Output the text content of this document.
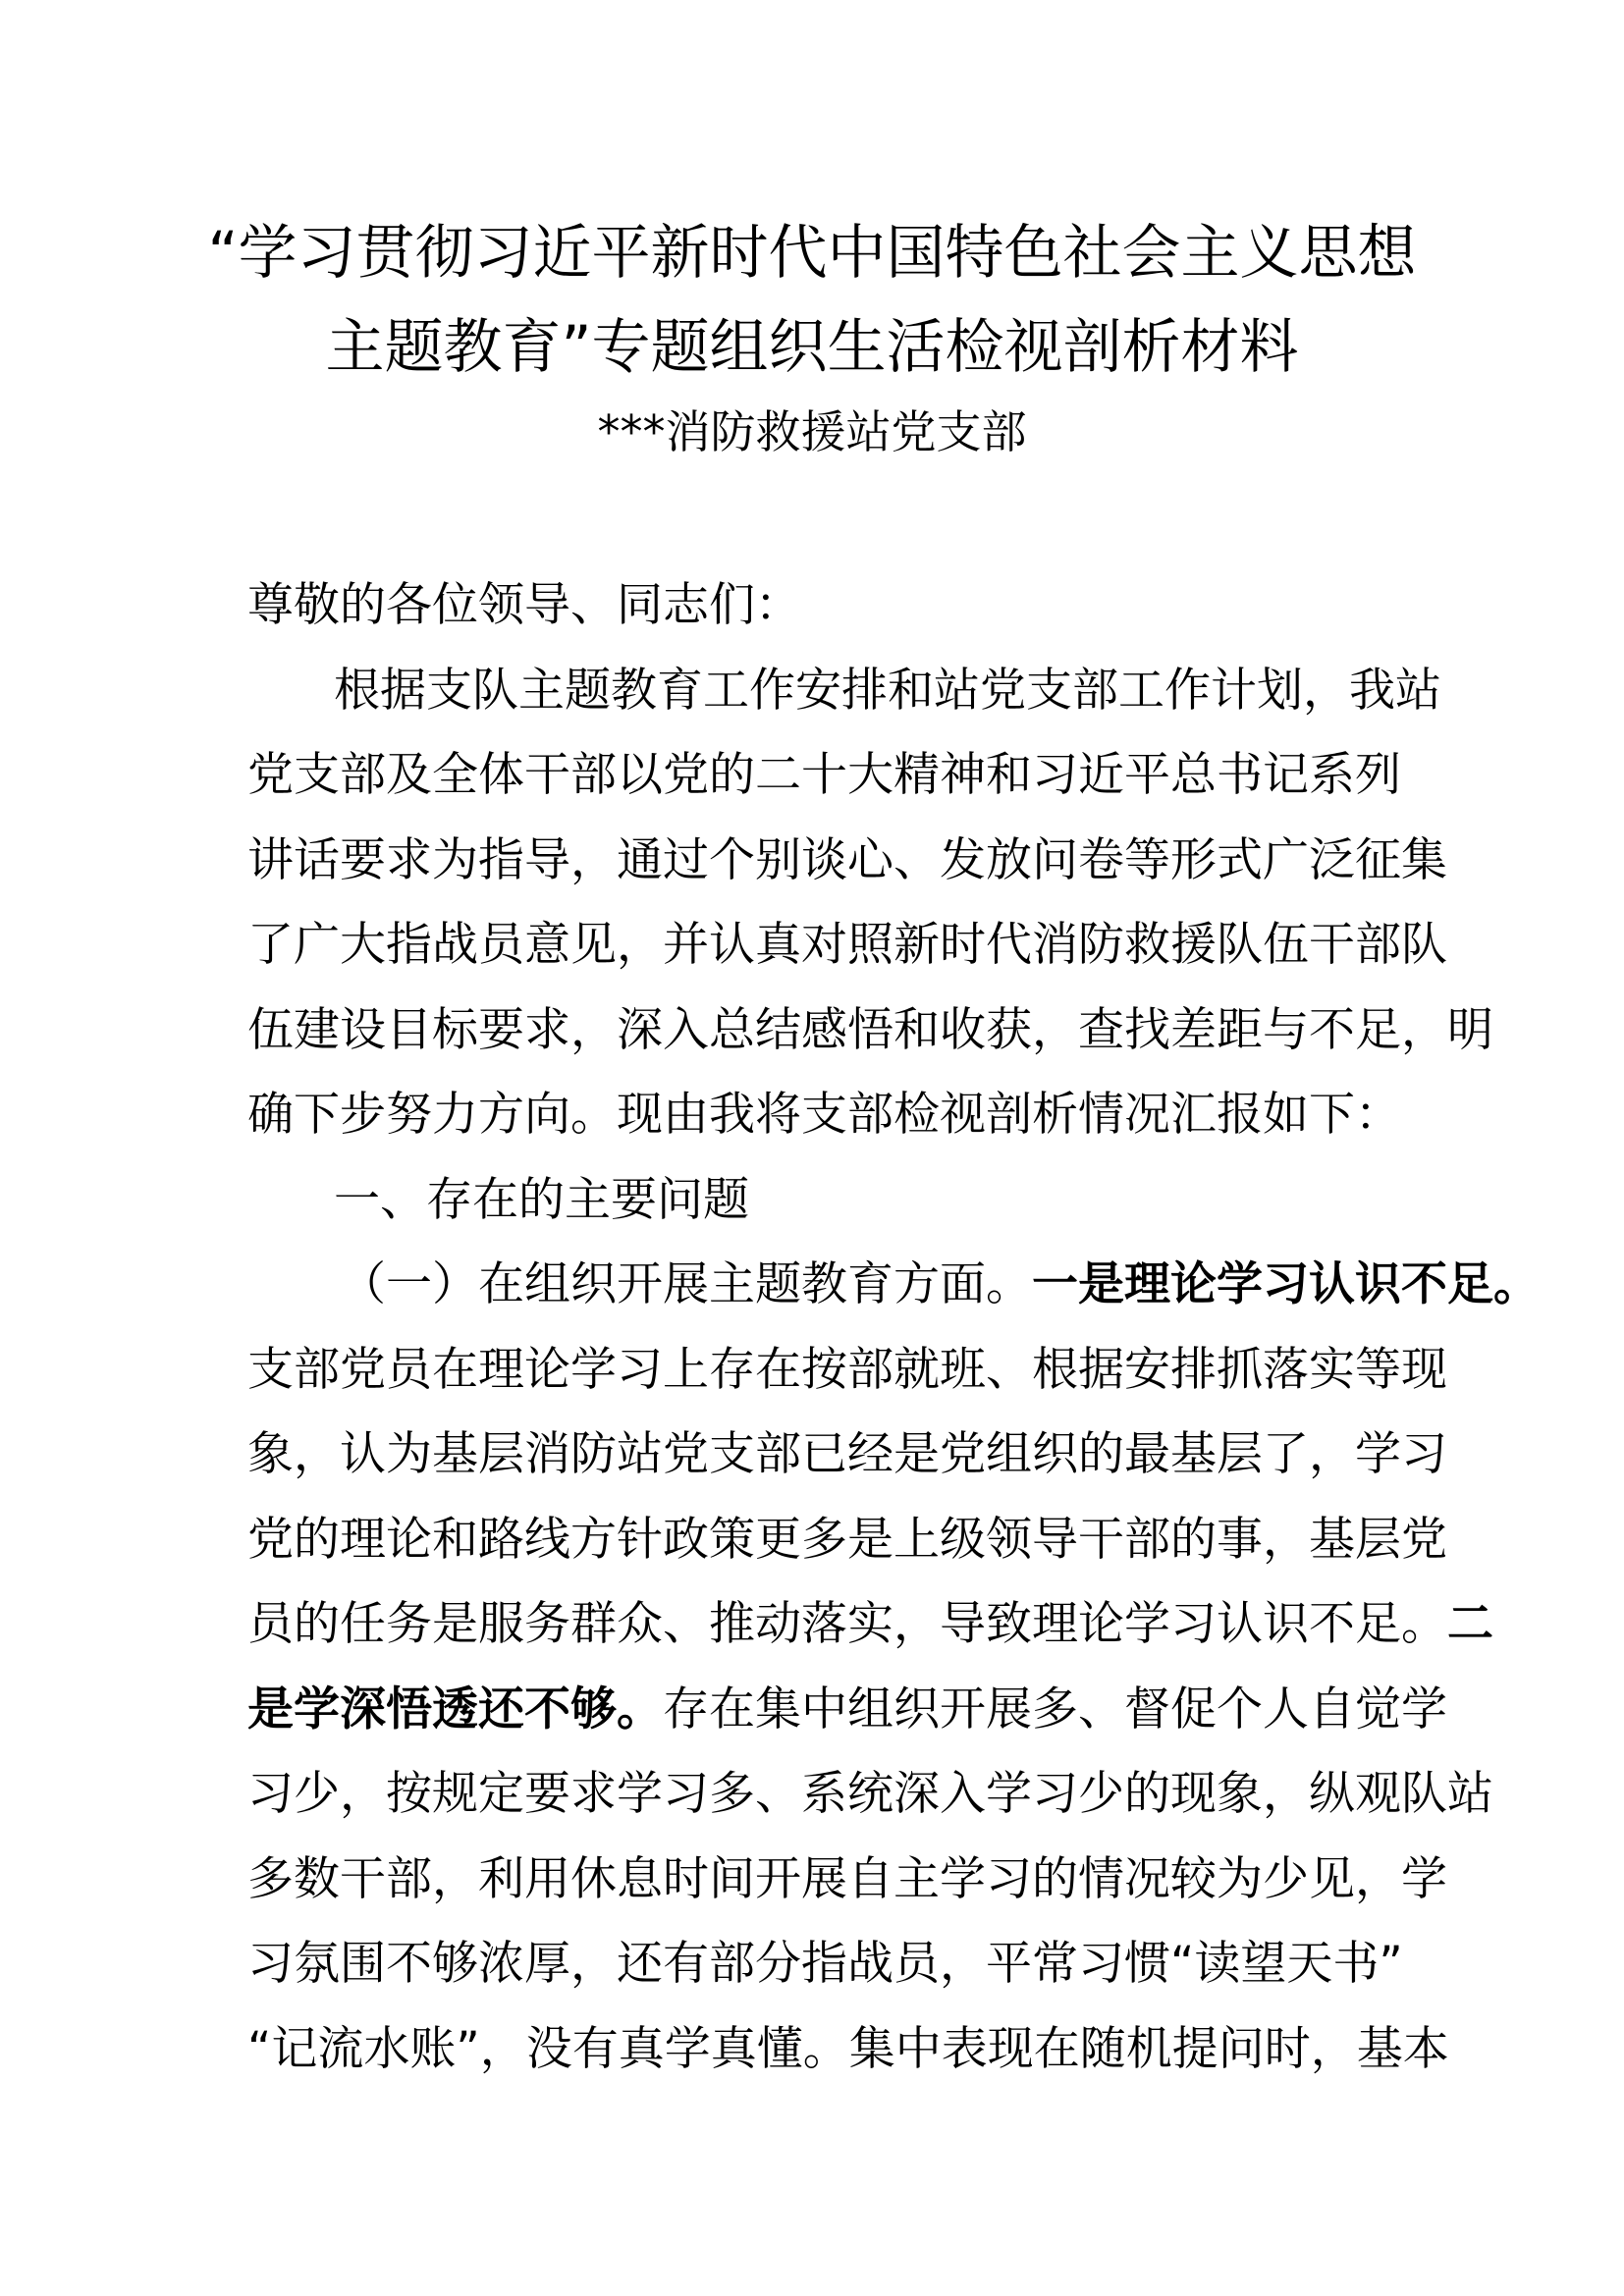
“学习贯彻习近平新时代中国特色社会主义思想
主题教育”专题组织生活检视剖析材料
***消防救援站党支部
尊敬的各位领导、同志们：
根据支队主题教育工作安排和站党支部工作计划，我站
党支部及全体干部以党的二十大精神和习近平总书记系列
讲话要求为指导，通过个别谈心、发放问卷等形式广泛征集
了广大指战员意见，并认真对照新时代消防救援队伍干部队
伍建设目标要求，深入总结感悟和收获，查找差距与不足，明
确下步努力方向。现由我将支部检视剖析情况汇报如下：
一、存在的主要问题
（一）在组织开展主题教育方面。一是理论学习认识不足。
支部党员在理论学习上存在按部就班、根据安排抓落实等现
象，认为基层消防站党支部已经是党组织的最基层了，学习
党的理论和路线方针政策更多是上级领导干部的事，基层党
员的任务是服务群众、推动落实，导致理论学习认识不足。二
是学深悟透还不够。存在集中组织开展多、督促个人自觉学
习少，按规定要求学习多、系统深入学习少的现象，纵观队站
多数干部，利用休息时间开展自主学习的情况较为少见，学
习氛围不够浓厚，还有部分指战员，平常习惯“读望天书”
“记流水账”，没有真学真懂。集中表现在随机提问时，基本
